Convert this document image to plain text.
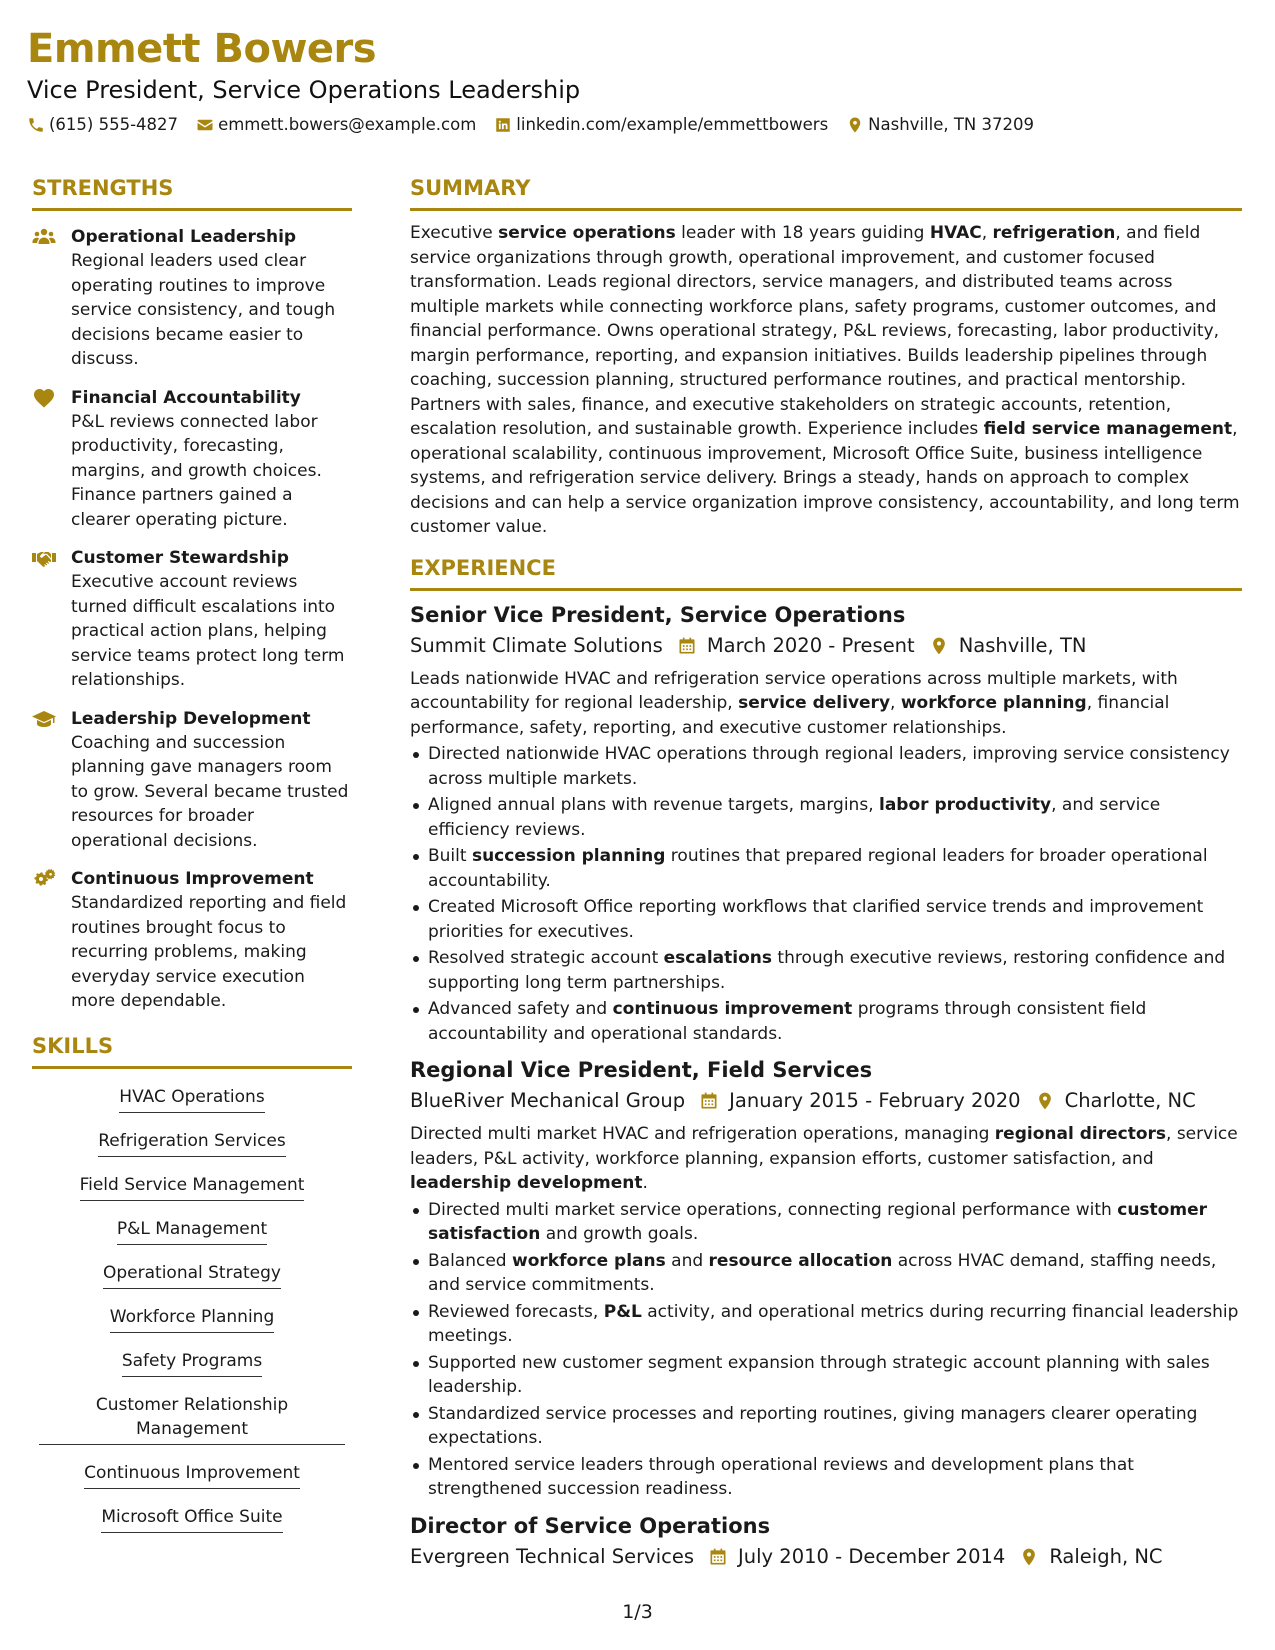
Emmett Bowers
Vice President, Service Operations Leadership
(615) 555-4827 emmett.bowers@example.com linkedin.com/example/emmettbowers Nashville, TN 37209
STRENGTHS
Operational Leadership
Regional leaders used clear operating routines to improve service consistency, and tough decisions became easier to discuss.
Financial Accountability
P&L reviews connected labor productivity, forecasting, margins, and growth choices. Finance partners gained a clearer operating picture.
Customer Stewardship
Executive account reviews turned difficult escalations into practical action plans, helping service teams protect long term relationships.
Leadership Development
Coaching and succession planning gave managers room to grow. Several became trusted resources for broader operational decisions.
Continuous Improvement
Standardized reporting and field routines brought focus to recurring problems, making everyday service execution more dependable.
SKILLS
HVAC Operations
Refrigeration Services
Field Service Management
P&L Management
Operational Strategy
Workforce Planning
Safety Programs
Customer Relationship Management
Continuous Improvement
Microsoft Office Suite
SUMMARY
Executive service operations leader with 18 years guiding HVAC, refrigeration, and field service organizations through growth, operational improvement, and customer focused transformation. Leads regional directors, service managers, and distributed teams across multiple markets while connecting workforce plans, safety programs, customer outcomes, and financial performance. Owns operational strategy, P&L reviews, forecasting, labor productivity, margin performance, reporting, and expansion initiatives. Builds leadership pipelines through coaching, succession planning, structured performance routines, and practical mentorship. Partners with sales, finance, and executive stakeholders on strategic accounts, retention, escalation resolution, and sustainable growth. Experience includes field service management, operational scalability, continuous improvement, Microsoft Office Suite, business intelligence systems, and refrigeration service delivery. Brings a steady, hands on approach to complex decisions and can help a service organization improve consistency, accountability, and long term customer value.
EXPERIENCE
Senior Vice President, Service Operations
Summit Climate Solutions March 2020 - Present Nashville, TN
Leads nationwide HVAC and refrigeration service operations across multiple markets, with accountability for regional leadership, service delivery, workforce planning, financial performance, safety, reporting, and executive customer relationships.
Directed nationwide HVAC operations through regional leaders, improving service consistency across multiple markets.
Aligned annual plans with revenue targets, margins, labor productivity, and service efficiency reviews.
Built succession planning routines that prepared regional leaders for broader operational accountability.
Created Microsoft Office reporting workflows that clarified service trends and improvement priorities for executives.
Resolved strategic account escalations through executive reviews, restoring confidence and supporting long term partnerships.
Advanced safety and continuous improvement programs through consistent field accountability and operational standards.
Regional Vice President, Field Services
BlueRiver Mechanical Group January 2015 - February 2020 Charlotte, NC
Directed multi market HVAC and refrigeration operations, managing regional directors, service leaders, P&L activity, workforce planning, expansion efforts, customer satisfaction, and leadership development.
Directed multi market service operations, connecting regional performance with customer satisfaction and growth goals.
Balanced workforce plans and resource allocation across HVAC demand, staffing needs, and service commitments.
Reviewed forecasts, P&L activity, and operational metrics during recurring financial leadership meetings.
Supported new customer segment expansion through strategic account planning with sales leadership.
Standardized service processes and reporting routines, giving managers clearer operating expectations.
Mentored service leaders through operational reviews and development plans that strengthened succession readiness.
Director of Service Operations
Evergreen Technical Services July 2010 - December 2014 Raleigh, NC
1/3
